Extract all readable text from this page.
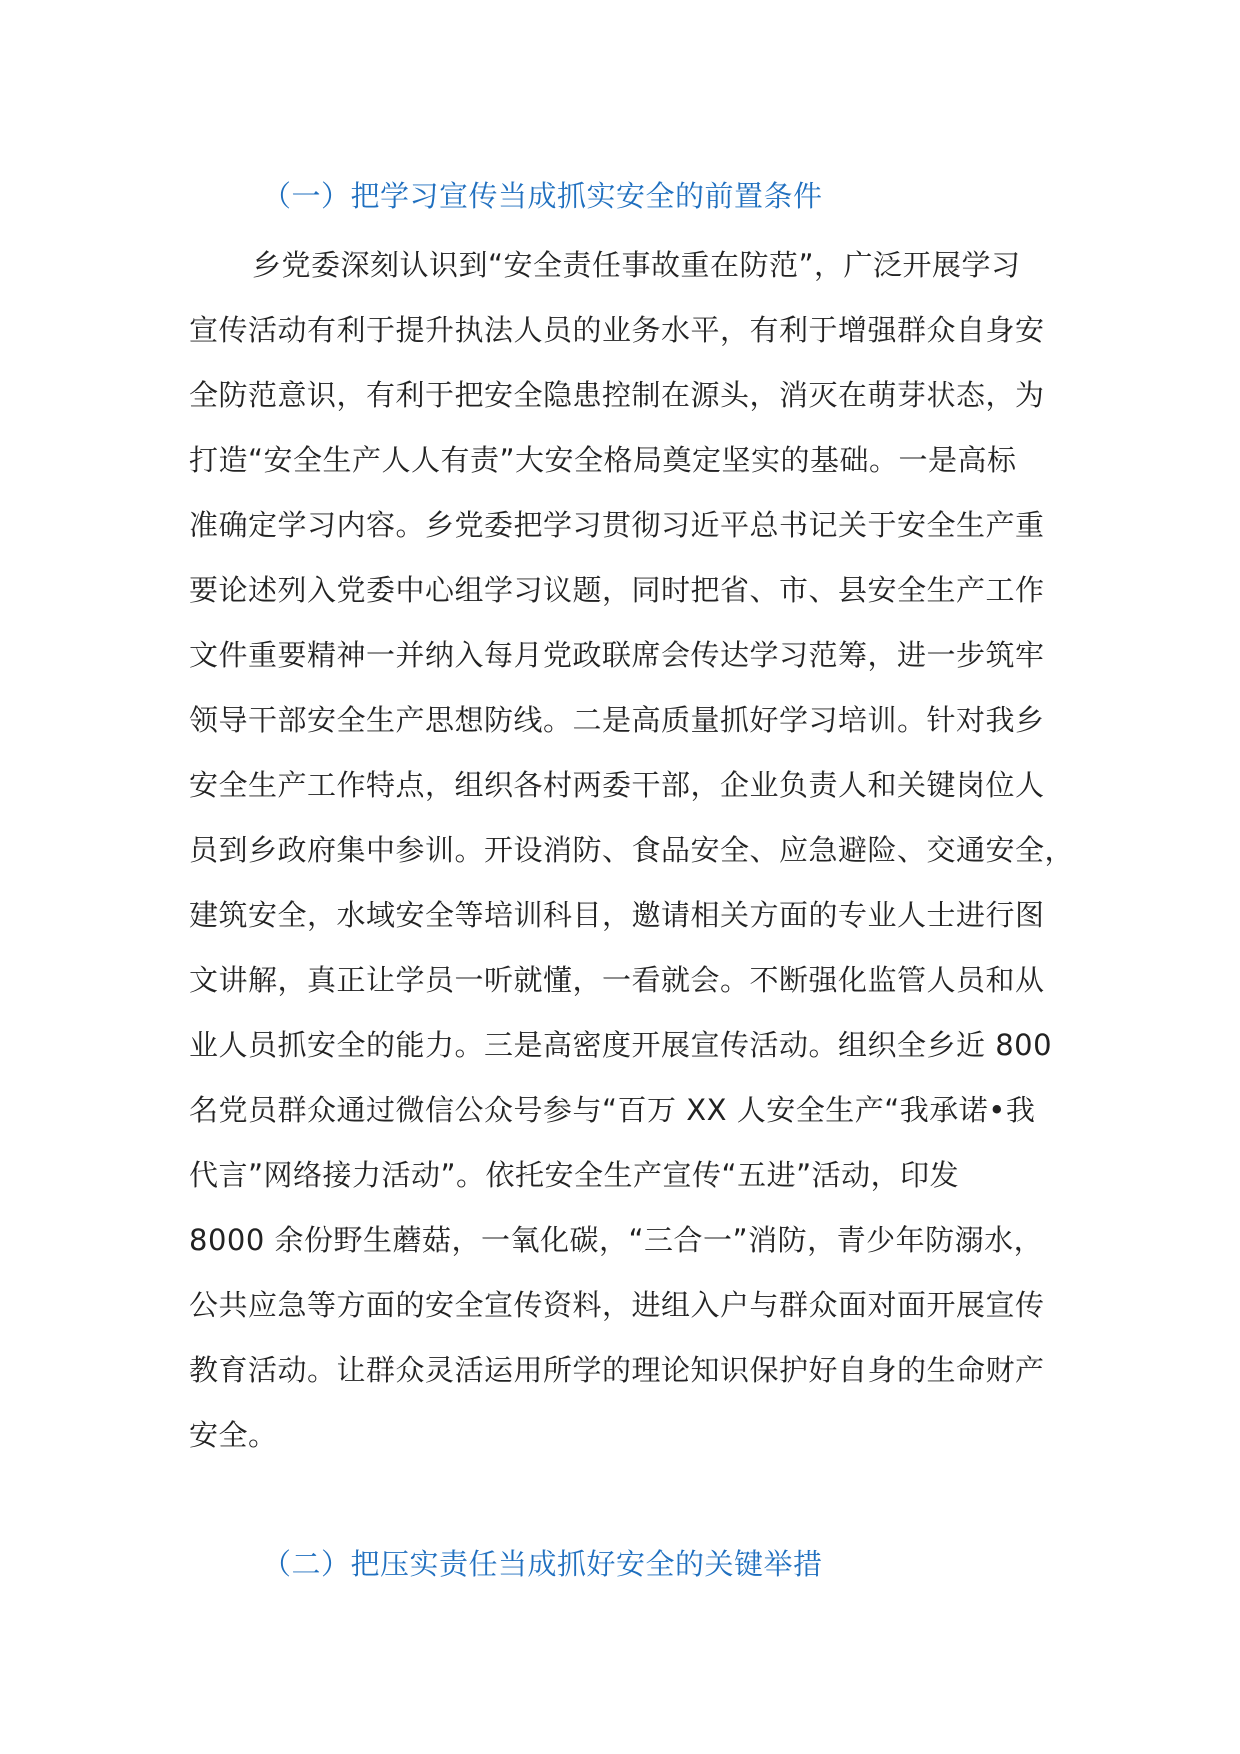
（一）把学习宣传当成抓实安全的前置条件
乡党委深刻认识到“安全责任事故重在防范”，广泛开展学习
宣传活动有利于提升执法人员的业务水平，有利于增强群众自身安
全防范意识，有利于把安全隐患控制在源头，消灭在萌芽状态，为
打造“安全生产人人有责”大安全格局奠定坚实的基础。一是高标
准确定学习内容。乡党委把学习贯彻习近平总书记关于安全生产重
要论述列入党委中心组学习议题，同时把省、市、县安全生产工作
文件重要精神一并纳入每月党政联席会传达学习范筹，进一步筑牢
领导干部安全生产思想防线。二是高质量抓好学习培训。针对我乡
安全生产工作特点，组织各村两委干部，企业负责人和关键岗位人
员到乡政府集中参训。开设消防、食品安全、应急避险、交通安全，
建筑安全，水域安全等培训科目，邀请相关方面的专业人士进行图
文讲解，真正让学员一听就懂，一看就会。不断强化监管人员和从
业人员抓安全的能力。三是高密度开展宣传活动。组织全乡近 800
名党员群众通过微信公众号参与“百万 XX 人安全生产“我承诺•我
代言”网络接力活动”。依托安全生产宣传“五进”活动，印发
8000 余份野生蘑菇，一氧化碳，“三合一”消防，青少年防溺水，
公共应急等方面的安全宣传资料，进组入户与群众面对面开展宣传
教育活动。让群众灵活运用所学的理论知识保护好自身的生命财产
安全。
（二）把压实责任当成抓好安全的关键举措
